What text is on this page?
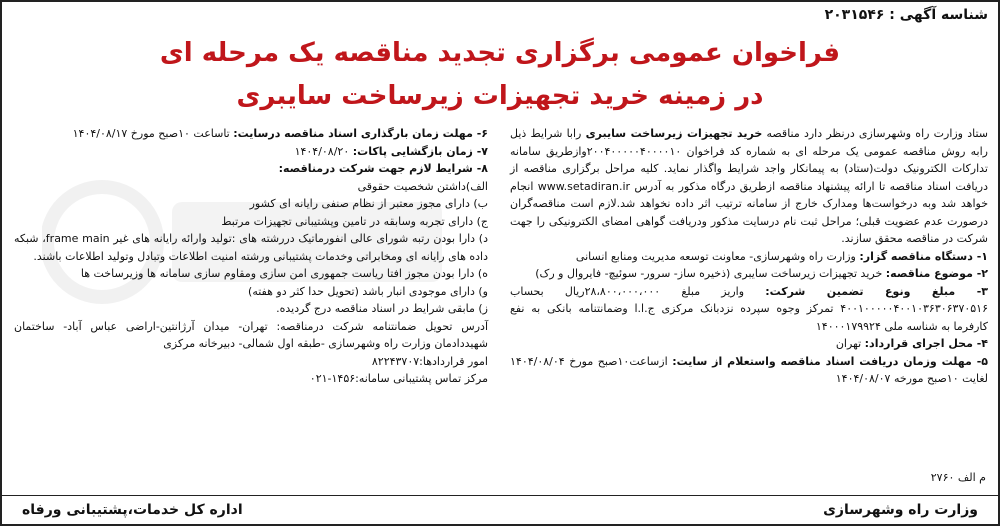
شناسه آگهی : ۲۰۳۱۵۴۶
فراخوان عمومی برگزاری تجدید مناقصه یک مرحله ای
در زمینه خرید تجهیزات زیرساخت سایبری

ستاد وزارت راه وشهرسازی درنظر دارد مناقصه خرید تجهیزات زیرساخت سایبری رابا شرایط ذیل رابه روش مناقصه عمومی یک مرحله ای به شماره کد فراخوان ۲۰۰۴۰۰۰۰۰۴۰۰۰۰۱۰وازطریق سامانه تدارکات الکترونیک دولت(ستاد) به پیمانکار واجد شرایط واگذار نماید. کلیه مراحل برگزاری مناقصه از دریافت اسناد مناقصه تا ارائه پیشنهاد مناقصه ازطریق درگاه مذکور به آدرس www.setadiran.ir انجام خواهد شد وبه درخواست‌ها ومدارک خارج از سامانه ترتیب اثر داده نخواهد شد.لازم است مناقصه‌گران درصورت عدم عضویت قبلی؛ مراحل ثبت نام درسایت مذکور ودریافت گواهی امضای الکترونیکی را جهت شرکت در مناقصه محقق سازند.

۱- دستگاه مناقصه گزار: وزارت راه وشهرسازی- معاونت توسعه مدیریت ومنابع انسانی

۲- موضوع مناقصه: خرید تجهیزات زیرساخت سایبری (ذخیره ساز- سرور- سوئیچ- فایروال و رک)

۳- مبلغ ونوع تضمین شرکت: واریز مبلغ ۲۸،۸۰۰،۰۰۰،۰۰۰ریال بحساب ۴۰۰۱۰۰۰۰۰۴۰۰۱۰۳۶۳۰۶۳۷۰۵۱۶ تمرکز وجوه سپرده نزدبانک مرکزی ج.ا.ا وضمانتنامه بانکی به نفع کارفرما به شناسه ملی ۱۴۰۰۰۱۷۹۹۲۴

۴- محل اجرای قرارداد: تهران

۵- مهلت وزمان دریافت اسناد مناقصه واستعلام از سایت: ازساعت۱۰صبح مورخ ۱۴۰۴/۰۸/۰۴ لغایت ۱۰صبح مورخه ۱۴۰۴/۰۸/۰۷

۶- مهلت زمان بارگذاری اسناد مناقصه درسایت: تاساعت ۱۰صبح مورخ ۱۴۰۴/۰۸/۱۷

۷- زمان بازگشایی پاکات: ۱۴۰۴/۰۸/۲۰

۸- شرایط لازم جهت شرکت درمناقصه:

الف)داشتن شخصیت حقوقی

ب) دارای مجوز معتبر از نظام صنفی رایانه ای کشور

ج) دارای تجربه وسابقه در تامین وپشتیبانی تجهیزات مرتبط

د) دارا بودن رتبه شورای عالی انفورماتیک دررشته های :تولید وارائه رایانه های غیر frame main، شبکه داده های رایانه ای ومخابراتی وخدمات پشتیبانی ورشته امنیت اطلاعات وتبادل وتولید اطلاعات باشند.

ه) دارا بودن مجوز افتا ریاست جمهوری امن سازی ومقاوم سازی سامانه ها وزیرساخت ها

و) دارای موجودی انبار باشد (تحویل حدا کثر دو هفته)

ز) مابقی شرایط در اسناد مناقصه درج گردیده.

آدرس تحویل ضمانتنامه شرکت درمناقصه: تهران- میدان آرژانتین-اراضی عباس آباد- ساختمان شهیددادمان وزارت راه وشهرسازی -طبقه اول شمالی- دبیرخانه مرکزی

امور قراردادها:۸۲۲۴۳۷۰۷

مرکز تماس پشتیبانی سامانه:۱۴۵۶-۰۲۱

م الف ۲۷۶۰
وزارت راه وشهرسازی
اداره کل خدمات،پشتیبانی ورفاه
